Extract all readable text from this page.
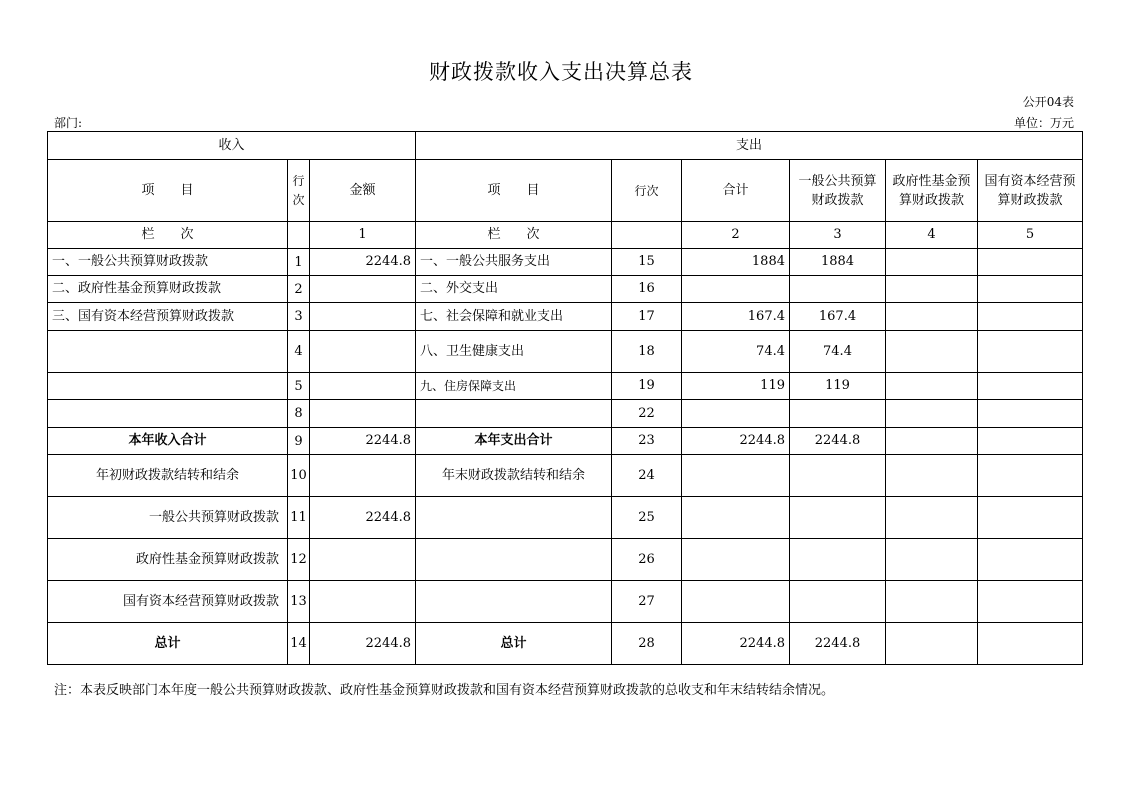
财政拨款收入支出决算总表
公开04表
部门:	单位：万元
收入			支出					
项　　目	行次	金额	项　　目	行次	合计	一般公共预算财政拨款	政府性基金预算财政拨款	国有资本经营预算财政拨款
栏　　次		1	栏　　次		2	3	4	5
一、一般公共预算财政拨款	1	2244.8	一、一般公共服务支出	15	1884	1884		
二、政府性基金预算财政拨款	2		二、外交支出	16				
三、国有资本经营预算财政拨款	3		七、社会保障和就业支出	17	167.4	167.4		
	4		八、卫生健康支出	18	74.4	74.4		
	5		九、住房保障支出	19	119	119		
	8			22				
本年收入合计	9	2244.8	本年支出合计	23	2244.8	2244.8		
年初财政拨款结转和结余	10		年末财政拨款结转和结余	24				
一般公共预算财政拨款	11	2244.8		25				
政府性基金预算财政拨款	12			26				
国有资本经营预算财政拨款	13			27				
总计	14	2244.8	总计	28	2244.8	2244.8		
注：本表反映部门本年度一般公共预算财政拨款、政府性基金预算财政拨款和国有资本经营预算财政拨款的总收支和年末结转结余情况。
